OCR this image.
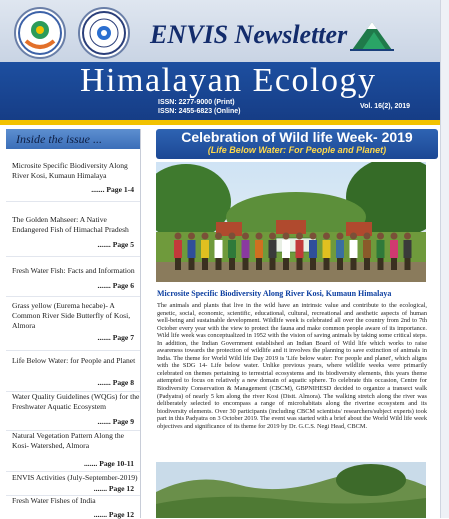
ENVIS Newsletter
Himalayan Ecology
ISSN: 2277-9000 (Print)
ISSN: 2455-6823 (Online)
Vol. 16(2), 2019
Inside the issue ...
Microsite Specific Biodiversity Along River Kosi, Kumaun Himalaya
....... Page 1-4
The Golden Mahseer: A Native Endangered Fish of Himachal Pradesh
....... Page 5
Fresh Water Fish: Facts and Information
....... Page 6
Grass yellow (Eurema hecabe)- A Common River Side Butterfly of Kosi, Almora
....... Page 7
Life Below Water: for People and Planet
....... Page 8
Water Quality Guidelines (WQGs) for the Freshwater Aquatic Ecosystem
....... Page 9
Natural Vegetation Pattern Along the Kosi- Watershed, Almora
....... Page 10-11
ENVIS Activities (July-September-2019)
....... Page 12
Fresh Water Fishes of India
....... Page 12
Celebration of Wild life Week- 2019
(Life Below Water: For People and Planet)
Microsite Specific Biodiversity Along River Kosi, Kumaun Himalaya
The animals and plants that live in the wild have an intrinsic value and contribute to the ecological, genetic, social, economic, scientific, educational, cultural, recreational and aesthetic aspects of human well-being and sustainable development. Wildlife week is celebrated all over the country from 2nd to 7th October every year with the view to protect the fauna and make common people aware of its importance. Wild life week was conceptualized in 1952 with the vision of saving animals by taking some critical steps. In addition, the Indian Government established an Indian Board of Wild life which works to raise awareness towards the protection of wildlife and it involves the planning to save extinction of animals in India. The theme for World Wild life Day 2019 is 'Life below water: For people and planet', which aligns with the SDG 14- Life below water. Unlike previous years, where wildlife weeks were primarily celebrated on themes pertaining to terrestrial ecosystems and its biodiversity elements, this years theme attempted to focus on relatively a new domain of aquatic sphere. To celebrate this occasion, Centre for Biodiversity Conservation & Management (CBCM), GBPNIHESD decided to organize a transect walk (Padyatra) of nearly 5 km along the river Kosi (Distt. Almora). The walking stretch along the river was deliberately selected to encompass a range of microhabitats along the riverine ecosystem and its biodiversity elements. Over 30 participants (including CBCM scientists/ researchers/subject experts) took part in this Padyatra on 3 October 2019. The event was started with a brief about the World Wild life week objectives and significance of its theme for 2019 by Dr. G.C.S. Negi Head, CBCM.
